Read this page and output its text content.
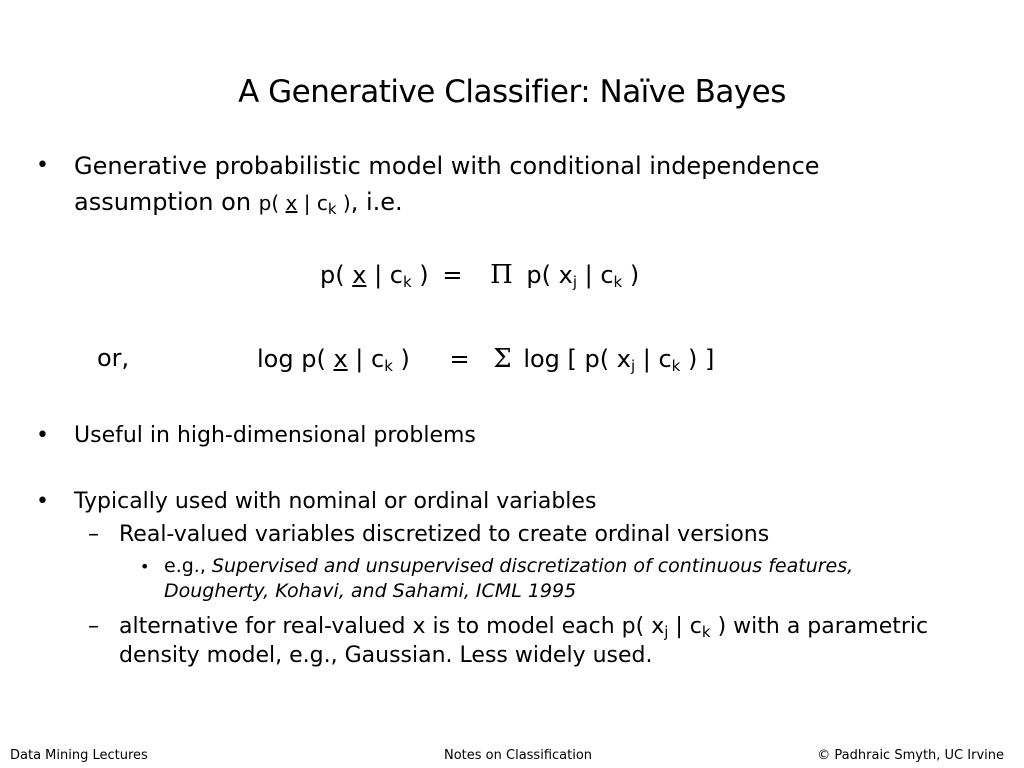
A Generative Classifier: Naïve Bayes
• Generative probabilistic model with conditional independence
assumption on p( x | $c_k$ ), i.e.
p( x | $c_k$ ) = Π p( $x_j$ | $c_k$ )
or,	log p( x | $c_k$ ) = Σ log [ p( $x_j$ | $c_k$ ) ]
• Useful in high-dimensional problems
• Typically used with nominal or ordinal variables
– Real-valued variables discretized to create ordinal versions
• e.g., Supervised and unsupervised discretization of continuous features,
Dougherty, Kohavi, and Sahami, ICML 1995
– alternative for real-valued x is to model each p( $x_j$ | $c_k$ ) with a parametric
density model, e.g., Gaussian. Less widely used.
Data Mining Lectures	Notes on Classification	© Padhraic Smyth, UC Irvine
